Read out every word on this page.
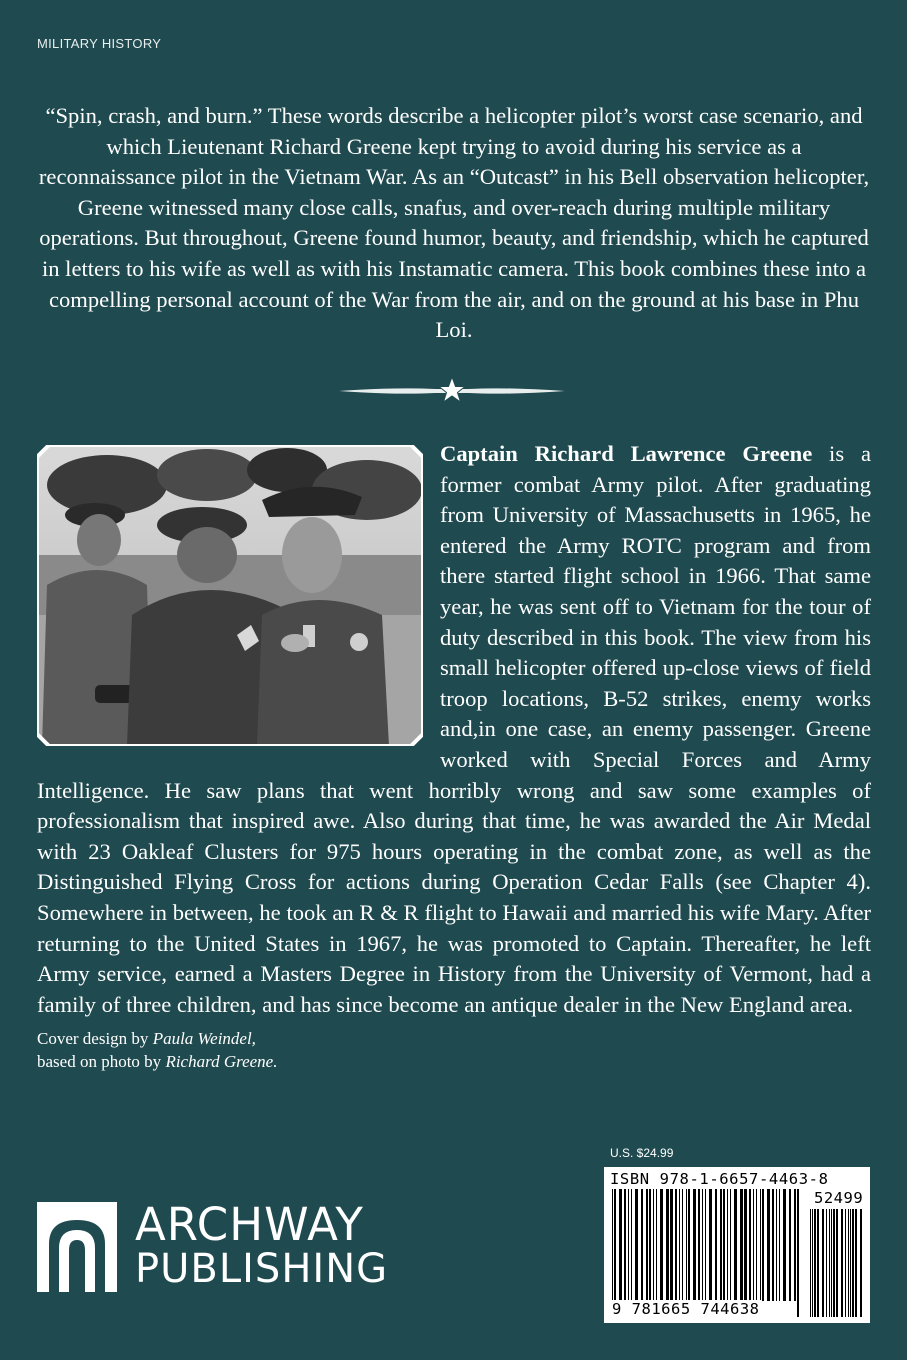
MILITARY HISTORY

“Spin, crash, and burn.” These words describe a helicopter pilot’s worst case scenario, and which Lieutenant Richard Greene kept trying to avoid during his service as a reconnaissance pilot in the Vietnam War. As an “Outcast” in his Bell observation helicopter, Greene witnessed many close calls, snafus, and over-reach during multiple military operations. But throughout, Greene found humor, beauty, and friendship, which he captured in letters to his wife as well as with his Instamatic camera. This book combines these into a compelling personal account of the War from the air, and on the ground at his base in Phu Loi.

Captain Richard Lawrence Greene is a former combat Army pilot. After graduating from University of Massachusetts in 1965, he entered the Army ROTC program and from there started flight school in 1966. That same year, he was sent off to Vietnam for the tour of duty described in this book. The view from his small helicopter offered up-close views of field troop locations, B-52 strikes, enemy works and,in one case, an enemy passenger. Greene worked with Special Forces and Army Intelligence. He saw plans that went horribly wrong and saw some examples of professionalism that inspired awe. Also during that time, he was awarded the Air Medal with 23 Oakleaf Clusters for 975 hours operating in the combat zone, as well as the Distinguished Flying Cross for actions during Operation Cedar Falls (see Chapter 4). Somewhere in between, he took an R & R flight to Hawaii and married his wife Mary. After returning to the United States in 1967, he was promoted to Captain. Thereafter, he left Army service, earned a Masters Degree in History from the University of Vermont, had a family of three children, and has since become an antique dealer in the New England area.

Cover design by Paula Weindel,
based on photo by Richard Greene.
U.S. $24.99
ISBN 978-1-6657-4463-8
52499
9 781665 744638
ARCHWAY
PUBLISHING
